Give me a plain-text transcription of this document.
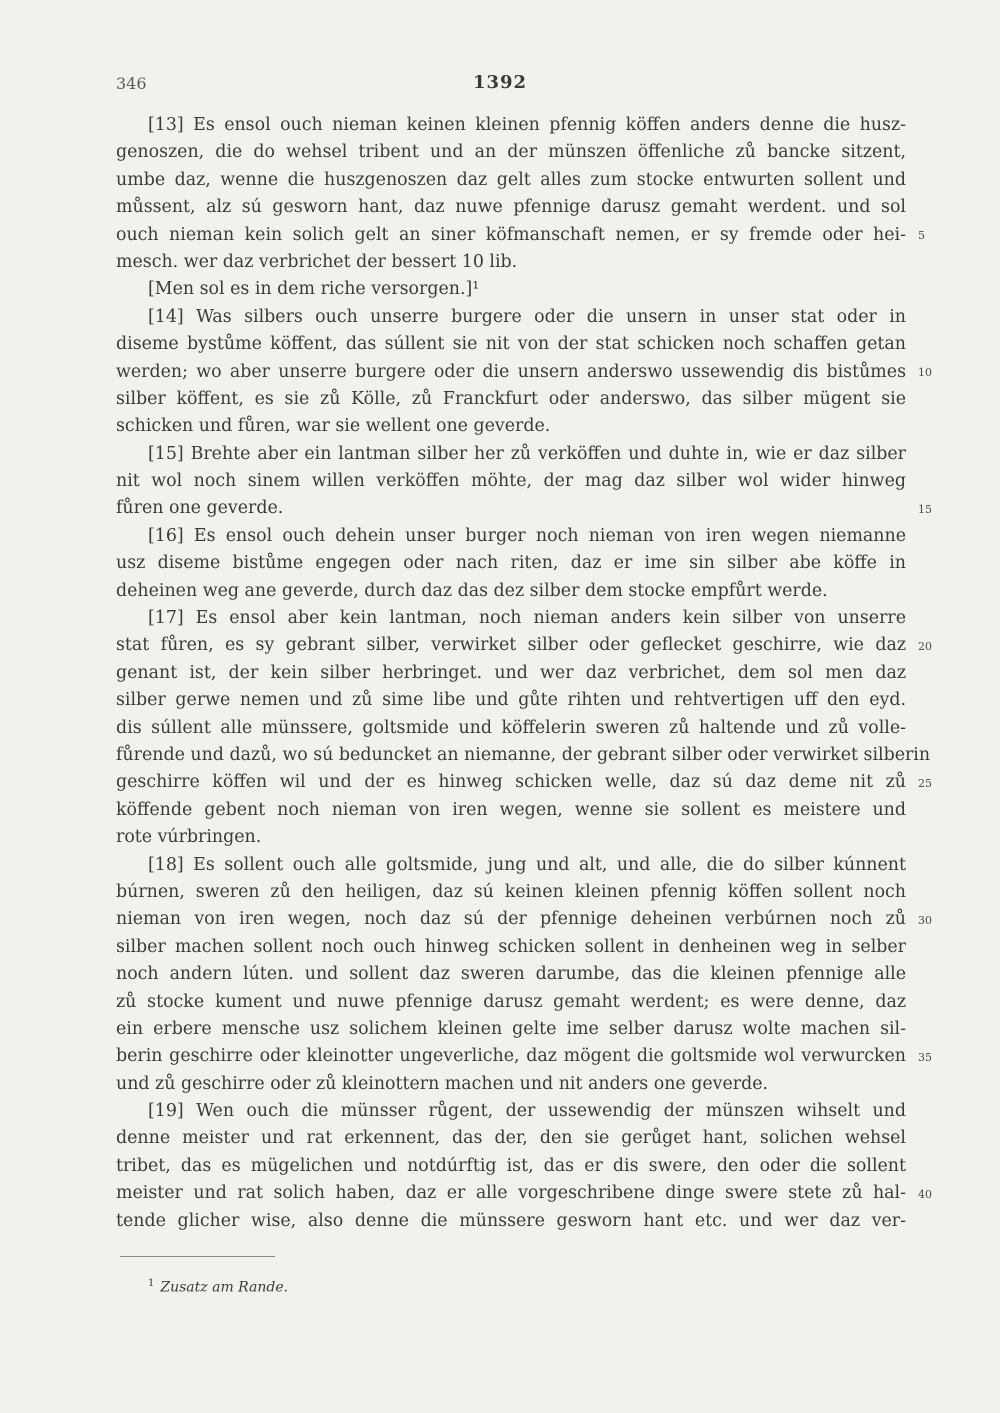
346	1392
[13] Es ensol ouch nieman keinen kleinen pfennig köffen anders denne die husz-
genoszen, die do wehsel tribent und an der münszen öffenliche zů bancke sitzent,
umbe daz, wenne die huszgenoszen daz gelt alles zum stocke entwurten sollent und
můssent, alz sú gesworn hant, daz nuwe pfennige darusz gemaht werdent. und sol
ouch nieman kein solich gelt an siner köfmanschaft nemen, er sy fremde oder hei-
mesch. wer daz verbrichet der bessert 10 lib.
[Men sol es in dem riche versorgen.]¹
[14] Was silbers ouch unserre burgere oder die unsern in unser stat oder in
diseme bystůme köffent, das súllent sie nit von der stat schicken noch schaffen getan
werden; wo aber unserre burgere oder die unsern anderswo ussewendig dis bistůmes
silber köffent, es sie zů Kölle, zů Franckfurt oder anderswo, das silber mügent sie
schicken und fůren, war sie wellent one geverde.
[15] Brehte aber ein lantman silber her zů verköffen und duhte in, wie er daz silber
nit wol noch sinem willen verköffen möhte, der mag daz silber wol wider hinweg
fůren one geverde.
[16] Es ensol ouch dehein unser burger noch nieman von iren wegen niemanne
usz diseme bistůme engegen oder nach riten, daz er ime sin silber abe köffe in
deheinen weg ane geverde, durch daz das dez silber dem stocke empfůrt werde.
[17] Es ensol aber kein lantman, noch nieman anders kein silber von unserre
stat fůren, es sy gebrant silber, verwirket silber oder geflecket geschirre, wie daz
genant ist, der kein silber herbringet. und wer daz verbrichet, dem sol men daz
silber gerwe nemen und zů sime libe und gůte rihten und rehtvertigen uff den eyd.
dis súllent alle münssere, goltsmide und köffelerin sweren zů haltende und zů volle-
fůrende und dazů, wo sú beduncket an niemanne, der gebrant silber oder verwirket silberin
geschirre köffen wil und der es hinweg schicken welle, daz sú daz deme nit zů
köffende gebent noch nieman von iren wegen, wenne sie sollent es meistere und
rote vúrbringen.
[18] Es sollent ouch alle goltsmide, jung und alt, und alle, die do silber kúnnent
búrnen, sweren zů den heiligen, daz sú keinen kleinen pfennig köffen sollent noch
nieman von iren wegen, noch daz sú der pfennige deheinen verbúrnen noch zů
silber machen sollent noch ouch hinweg schicken sollent in denheinen weg in selber
noch andern lúten. und sollent daz sweren darumbe, das die kleinen pfennige alle
zů stocke kument und nuwe pfennige darusz gemaht werdent; es were denne, daz
ein erbere mensche usz solichem kleinen gelte ime selber darusz wolte machen sil-
berin geschirre oder kleinotter ungeverliche, daz mögent die goltsmide wol verwurcken
und zů geschirre oder zů kleinottern machen und nit anders one geverde.
[19] Wen ouch die münsser růgent, der ussewendig der münszen wihselt und
denne meister und rat erkennent, das der, den sie gerůget hant, solichen wehsel
tribet, das es mügelichen und notdúrftig ist, das er dis swere, den oder die sollent
meister und rat solich haben, daz er alle vorgeschribene dinge swere stete zů hal-
tende glicher wise, also denne die münssere gesworn hant etc. und wer daz ver-
5
10
15
20
25
30
35
40
$^1$ Zusatz am Rande.
